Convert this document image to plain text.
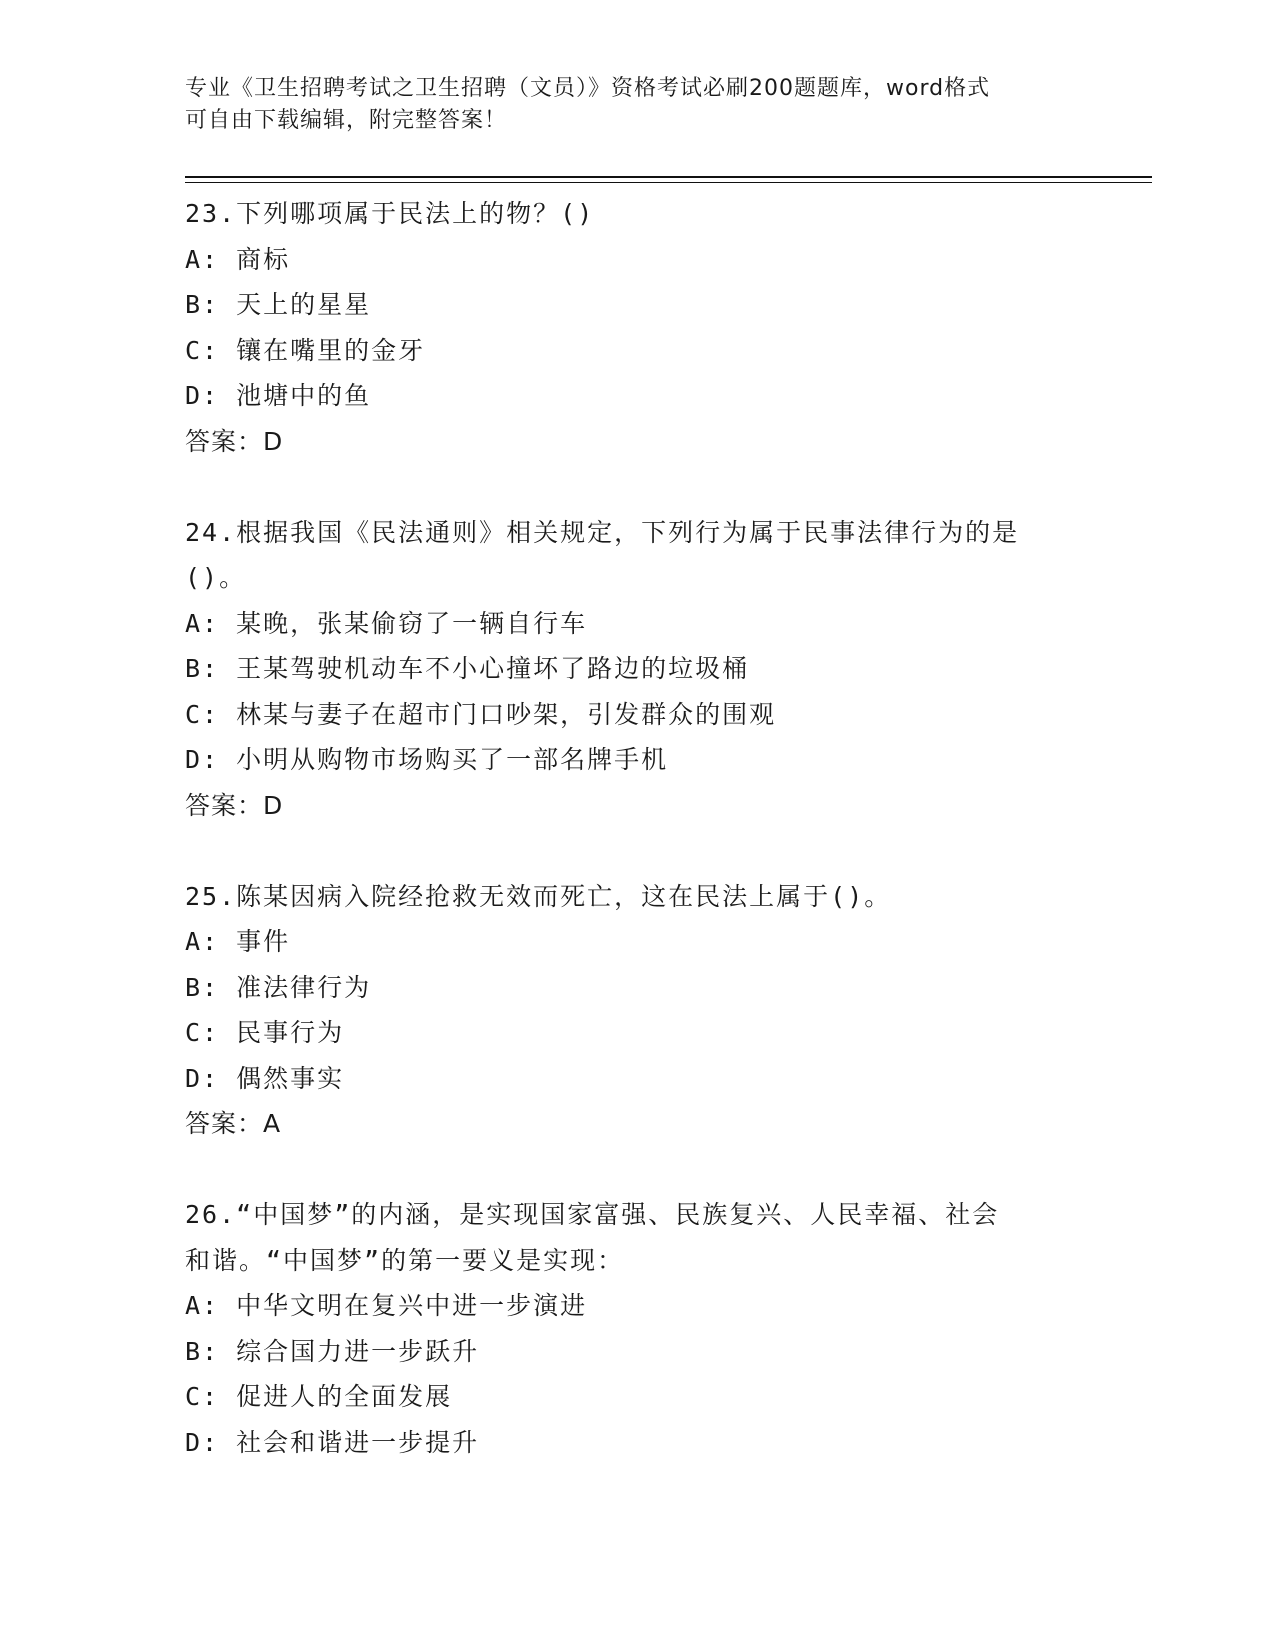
专业《卫生招聘考试之卫生招聘（文员）》资格考试必刷200题题库，word格式
可自由下载编辑，附完整答案！
23.下列哪项属于民法上的物？()
A: 商标
B: 天上的星星
C: 镶在嘴里的金牙
D: 池塘中的鱼
答案：D
24.根据我国《民法通则》相关规定，下列行为属于民事法律行为的是
()。
A: 某晚，张某偷窃了一辆自行车
B: 王某驾驶机动车不小心撞坏了路边的垃圾桶
C: 林某与妻子在超市门口吵架，引发群众的围观
D: 小明从购物市场购买了一部名牌手机
答案：D
25.陈某因病入院经抢救无效而死亡，这在民法上属于()。
A: 事件
B: 准法律行为
C: 民事行为
D: 偶然事实
答案：A
26.“中国梦”的内涵，是实现国家富强、民族复兴、人民幸福、社会
和谐。“中国梦”的第一要义是实现：
A: 中华文明在复兴中进一步演进
B: 综合国力进一步跃升
C: 促进人的全面发展
D: 社会和谐进一步提升
